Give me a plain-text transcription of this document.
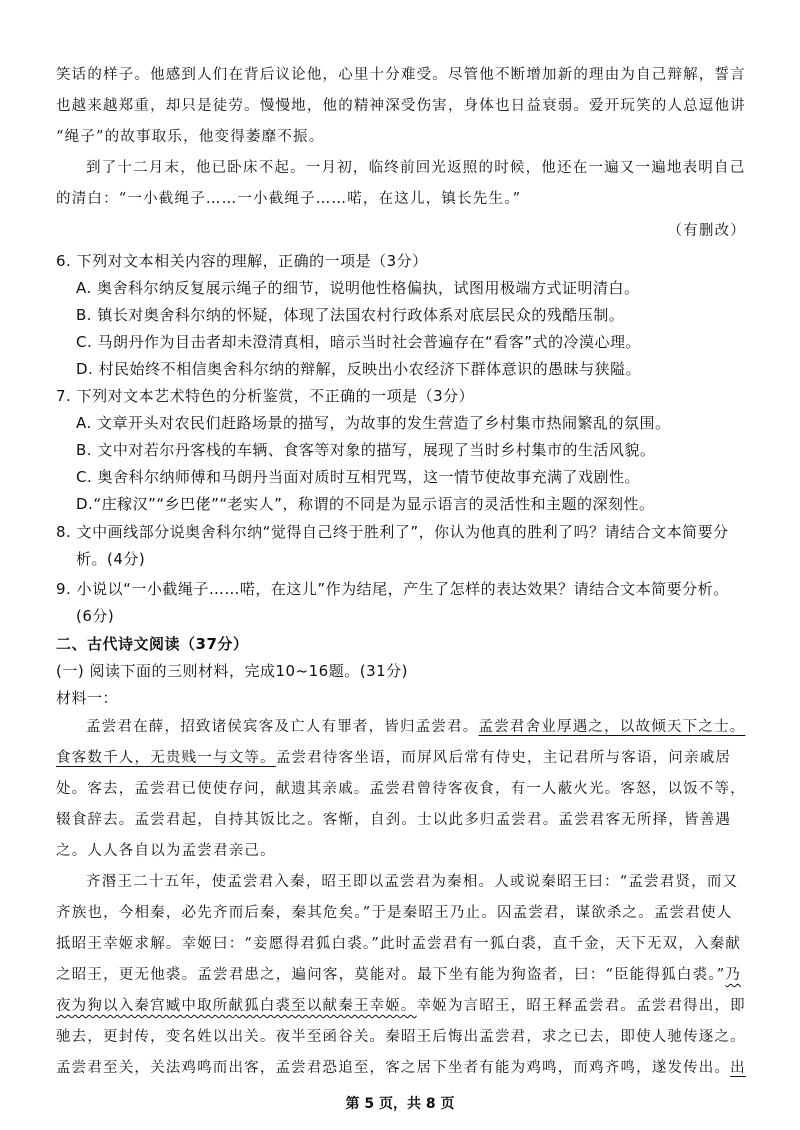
笑话的样子。他感到人们在背后议论他，心里十分难受。尽管他不断增加新的理由为自己辩解，誓言
也越来越郑重，却只是徒劳。慢慢地，他的精神深受伤害，身体也日益衰弱。爱开玩笑的人总逗他讲
“绳子”的故事取乐，他变得萎靡不振。
到了十二月末，他已卧床不起。一月初，临终前回光返照的时候，他还在一遍又一遍地表明自己
的清白：“一小截绳子……一小截绳子……喏，在这儿，镇长先生。”
（有删改）
6. 下列对文本相关内容的理解，正确的一项是（3分）
A. 奥舍科尔纳反复展示绳子的细节，说明他性格偏执，试图用极端方式证明清白。
B. 镇长对奥舍科尔纳的怀疑，体现了法国农村行政体系对底层民众的残酷压制。
C. 马朗丹作为目击者却未澄清真相，暗示当时社会普遍存在“看客”式的冷漠心理。
D. 村民始终不相信奥舍科尔纳的辩解，反映出小农经济下群体意识的愚昧与狭隘。
7. 下列对文本艺术特色的分析鉴赏，不正确的一项是（3分）
A. 文章开头对农民们赶路场景的描写，为故事的发生营造了乡村集市热闹繁乱的氛围。
B. 文中对若尔丹客栈的车辆、食客等对象的描写，展现了当时乡村集市的生活风貌。
C. 奥舍科尔纳师傅和马朗丹当面对质时互相咒骂，这一情节使故事充满了戏剧性。
D.“庄稼汉”“乡巴佬”“老实人”，称谓的不同是为显示语言的灵活性和主题的深刻性。
8. 文中画线部分说奥舍科尔纳“觉得自己终于胜利了”，你认为他真的胜利了吗？请结合文本简要分
析。(4分)
9. 小说以“一小截绳子……喏，在这儿”作为结尾，产生了怎样的表达效果？请结合文本简要分析。
(6分)
二、古代诗文阅读（37分）
(一) 阅读下面的三则材料，完成10~16题。(31分)
材料一：
孟尝君在薛，招致诸侯宾客及亡人有罪者，皆归孟尝君。孟尝君舍业厚遇之，以故倾天下之士。
食客数千人，无贵贱一与文等。孟尝君待客坐语，而屏风后常有侍史，主记君所与客语，问亲戚居
处。客去，孟尝君已使使存问，献遗其亲戚。孟尝君曾待客夜食，有一人蔽火光。客怒，以饭不等，
辍食辞去。孟尝君起，自持其饭比之。客惭，自刭。士以此多归孟尝君。孟尝君客无所择，皆善遇
之。人人各自以为孟尝君亲己。
齐湣王二十五年，使孟尝君入秦，昭王即以孟尝君为秦相。人或说秦昭王曰：“孟尝君贤，而又
齐族也，今相秦，必先齐而后秦，秦其危矣。”于是秦昭王乃止。囚孟尝君，谋欲杀之。孟尝君使人
抵昭王幸姬求解。幸姬曰：“妾愿得君狐白裘。”此时孟尝君有一狐白裘，直千金，天下无双，入秦献
之昭王，更无他裘。孟尝君患之，遍问客，莫能对。最下坐有能为狗盗者，曰：“臣能得狐白裘。”乃
夜为狗以入秦宫臧中取所献狐白裘至以献秦王幸姬。幸姬为言昭王，昭王释孟尝君。孟尝君得出，即
驰去，更封传，变名姓以出关。夜半至函谷关。秦昭王后悔出孟尝君，求之已去，即使人驰传逐之。
孟尝君至关，关法鸡鸣而出客，孟尝君恐追至，客之居下坐者有能为鸡鸣，而鸡齐鸣，遂发传出。出
第 5 页，共 8 页
